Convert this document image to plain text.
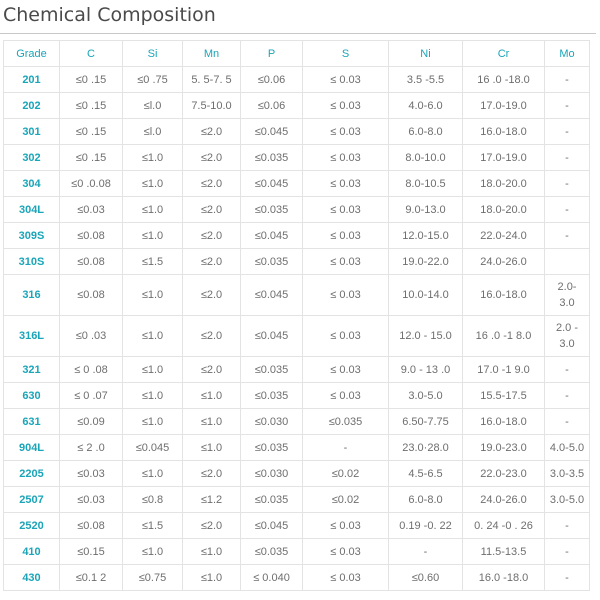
Chemical Composition
Grade	C	Si	Mn	P	S	Ni	Cr	Mo
201	≤0 .15	≤0 .75	5. 5-7. 5	≤0.06	≤ 0.03	3.5 -5.5	16 .0 -18.0	-
202	≤0 .15	≤l.0	7.5-10.0	≤0.06	≤ 0.03	4.0-6.0	17.0-19.0	-
301	≤0 .15	≤l.0	≤2.0	≤0.045	≤ 0.03	6.0-8.0	16.0-18.0	-
302	≤0 .15	≤1.0	≤2.0	≤0.035	≤ 0.03	8.0-10.0	17.0-19.0	-
304	≤0 .0.08	≤1.0	≤2.0	≤0.045	≤ 0.03	8.0-10.5	18.0-20.0	-
304L	≤0.03	≤1.0	≤2.0	≤0.035	≤ 0.03	9.0-13.0	18.0-20.0	-
309S	≤0.08	≤1.0	≤2.0	≤0.045	≤ 0.03	12.0-15.0	22.0-24.0	-
310S	≤0.08	≤1.5	≤2.0	≤0.035	≤ 0.03	19.0-22.0	24.0-26.0	
316	≤0.08	≤1.0	≤2.0	≤0.045	≤ 0.03	10.0-14.0	16.0-18.0	2.0-
3.0
316L	≤0 .03	≤1.0	≤2.0	≤0.045	≤ 0.03	12.0 - 15.0	16 .0 -1 8.0	2.0 -
3.0
321	≤ 0 .08	≤1.0	≤2.0	≤0.035	≤ 0.03	9.0 - 13 .0	17.0 -1 9.0	-
630	≤ 0 .07	≤1.0	≤1.0	≤0.035	≤ 0.03	3.0-5.0	15.5-17.5	-
631	≤0.09	≤1.0	≤1.0	≤0.030	≤0.035	6.50-7.75	16.0-18.0	-
904L	≤ 2 .0	≤0.045	≤1.0	≤0.035	-	23.0·28.0	19.0-23.0	4.0-5.0
2205	≤0.03	≤1.0	≤2.0	≤0.030	≤0.02	4.5-6.5	22.0-23.0	3.0-3.5
2507	≤0.03	≤0.8	≤1.2	≤0.035	≤0.02	6.0-8.0	24.0-26.0	3.0-5.0
2520	≤0.08	≤1.5	≤2.0	≤0.045	≤ 0.03	0.19 -0. 22	0. 24 -0 . 26	-
410	≤0.15	≤1.0	≤1.0	≤0.035	≤ 0.03	-	11.5-13.5	-
430	≤0.1 2	≤0.75	≤1.0	≤ 0.040	≤ 0.03	≤0.60	16.0 -18.0	-
